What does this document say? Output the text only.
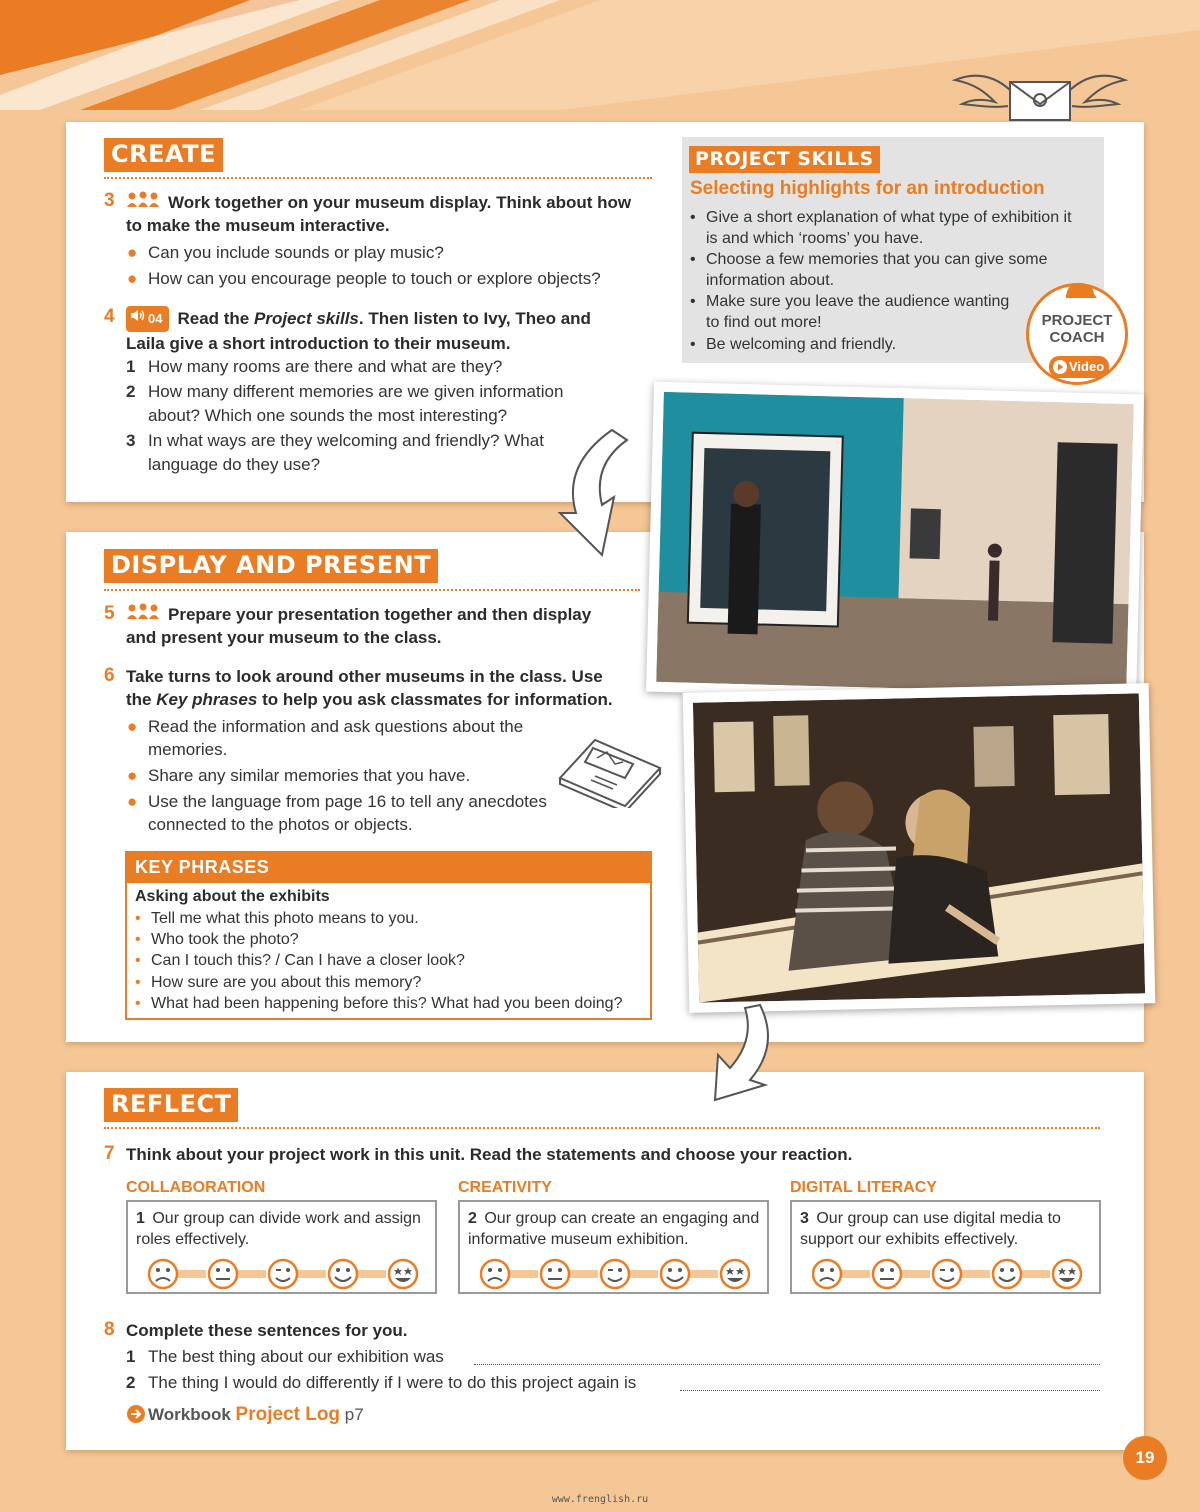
CREATE
3	Work together on your museum display. Think about how to make the museum interactive.
● Can you include sounds or play music?
● How can you encourage people to touch or explore objects?
4	04 Read the Project skills. Then listen to Ivy, Theo and Laila give a short introduction to their museum.
1 How many rooms are there and what are they?
2 How many different memories are we given information about? Which one sounds the most interesting?
3 In what ways are they welcoming and friendly? What language do they use?
PROJECT SKILLS
Selecting highlights for an introduction
• Give a short explanation of what type of exhibition it is and which ‘rooms’ you have.
• Choose a few memories that you can give some information about.
• Make sure you leave the audience wanting to find out more!
• Be welcoming and friendly.
PROJECT
COACH
Video
DISPLAY AND PRESENT
5	Prepare your presentation together and then display and present your museum to the class.
6 Take turns to look around other museums in the class. Use the Key phrases to help you ask classmates for information.
● Read the information and ask questions about the memories.
● Share any similar memories that you have.
● Use the language from page 16 to tell any anecdotes connected to the photos or objects.
KEY PHRASES
Asking about the exhibits
• Tell me what this photo means to you.
• Who took the photo?
• Can I touch this? / Can I have a closer look?
• How sure are you about this memory?
• What had been happening before this? What had you been doing?
REFLECT
7 Think about your project work in this unit. Read the statements and choose your reaction.
COLLABORATION	CREATIVITY	DIGITAL LITERACY
1 Our group can divide work and assign roles effectively.
2 Our group can create an engaging and informative museum exhibition.
3 Our group can use digital media to support our exhibits effectively.
8 Complete these sentences for you.
1 The best thing about our exhibition was
2 The thing I would do differently if I were to do this project again is
Workbook Project Log p7
19
www.frenglish.ru
